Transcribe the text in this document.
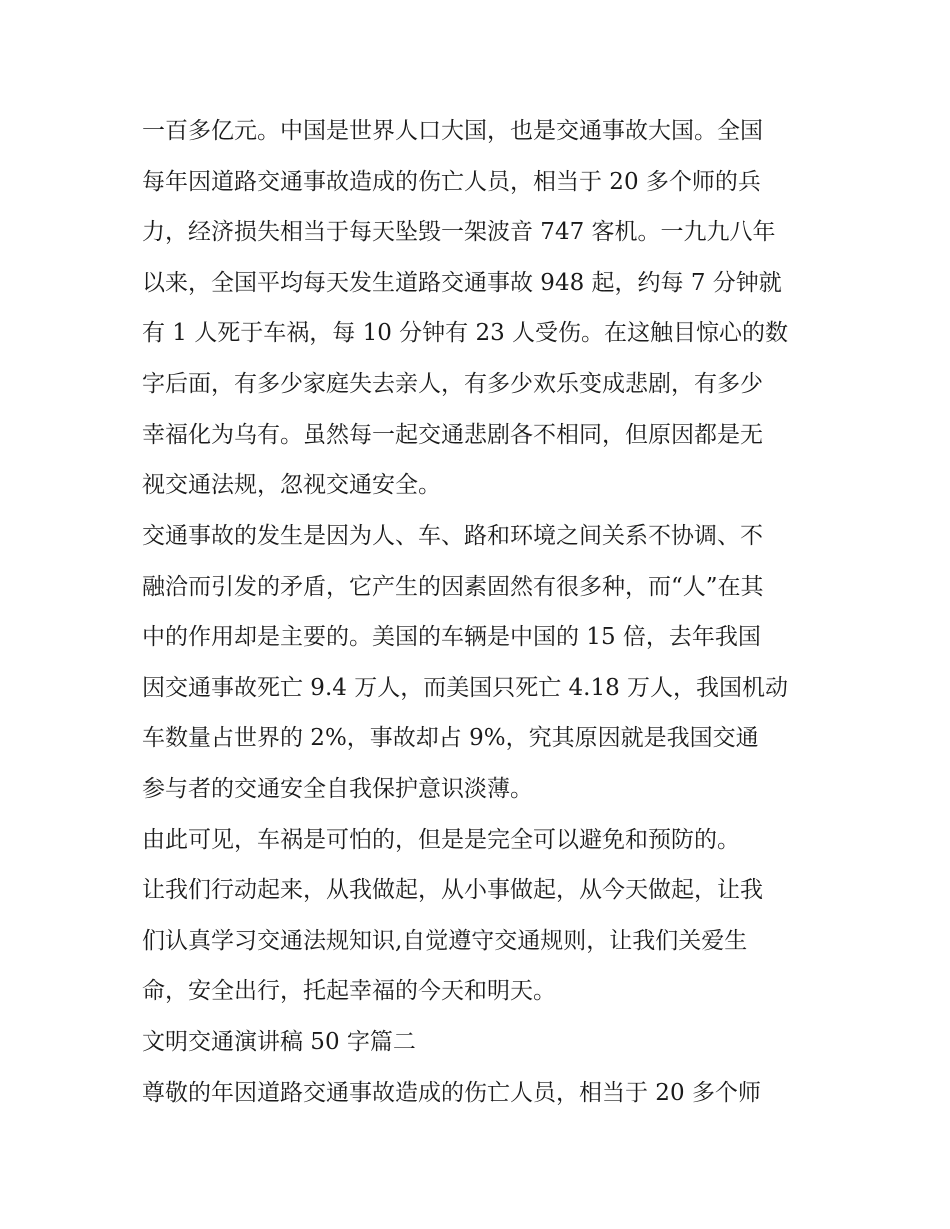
一百多亿元。中国是世界人口大国，也是交通事故大国。全国
每年因道路交通事故造成的伤亡人员，相当于 20 多个师的兵
力，经济损失相当于每天坠毁一架波音 747 客机。一九九八年
以来，全国平均每天发生道路交通事故 948 起，约每 7 分钟就
有 1 人死于车祸，每 10 分钟有 23 人受伤。在这触目惊心的数
字后面，有多少家庭失去亲人，有多少欢乐变成悲剧，有多少
幸福化为乌有。虽然每一起交通悲剧各不相同，但原因都是无
视交通法规，忽视交通安全。
交通事故的发生是因为人、车、路和环境之间关系不协调、不
融洽而引发的矛盾，它产生的因素固然有很多种，而“人”在其
中的作用却是主要的。美国的车辆是中国的 15 倍，去年我国
因交通事故死亡 9.4 万人，而美国只死亡 4.18 万人，我国机动
车数量占世界的 2%，事故却占 9%，究其原因就是我国交通
参与者的交通安全自我保护意识淡薄。
由此可见，车祸是可怕的，但是是完全可以避免和预防的。
让我们行动起来，从我做起，从小事做起，从今天做起，让我
们认真学习交通法规知识,自觉遵守交通规则，让我们关爱生
命，安全出行，托起幸福的今天和明天。
文明交通演讲稿 50 字篇二
尊敬的年因道路交通事故造成的伤亡人员，相当于 20 多个师
